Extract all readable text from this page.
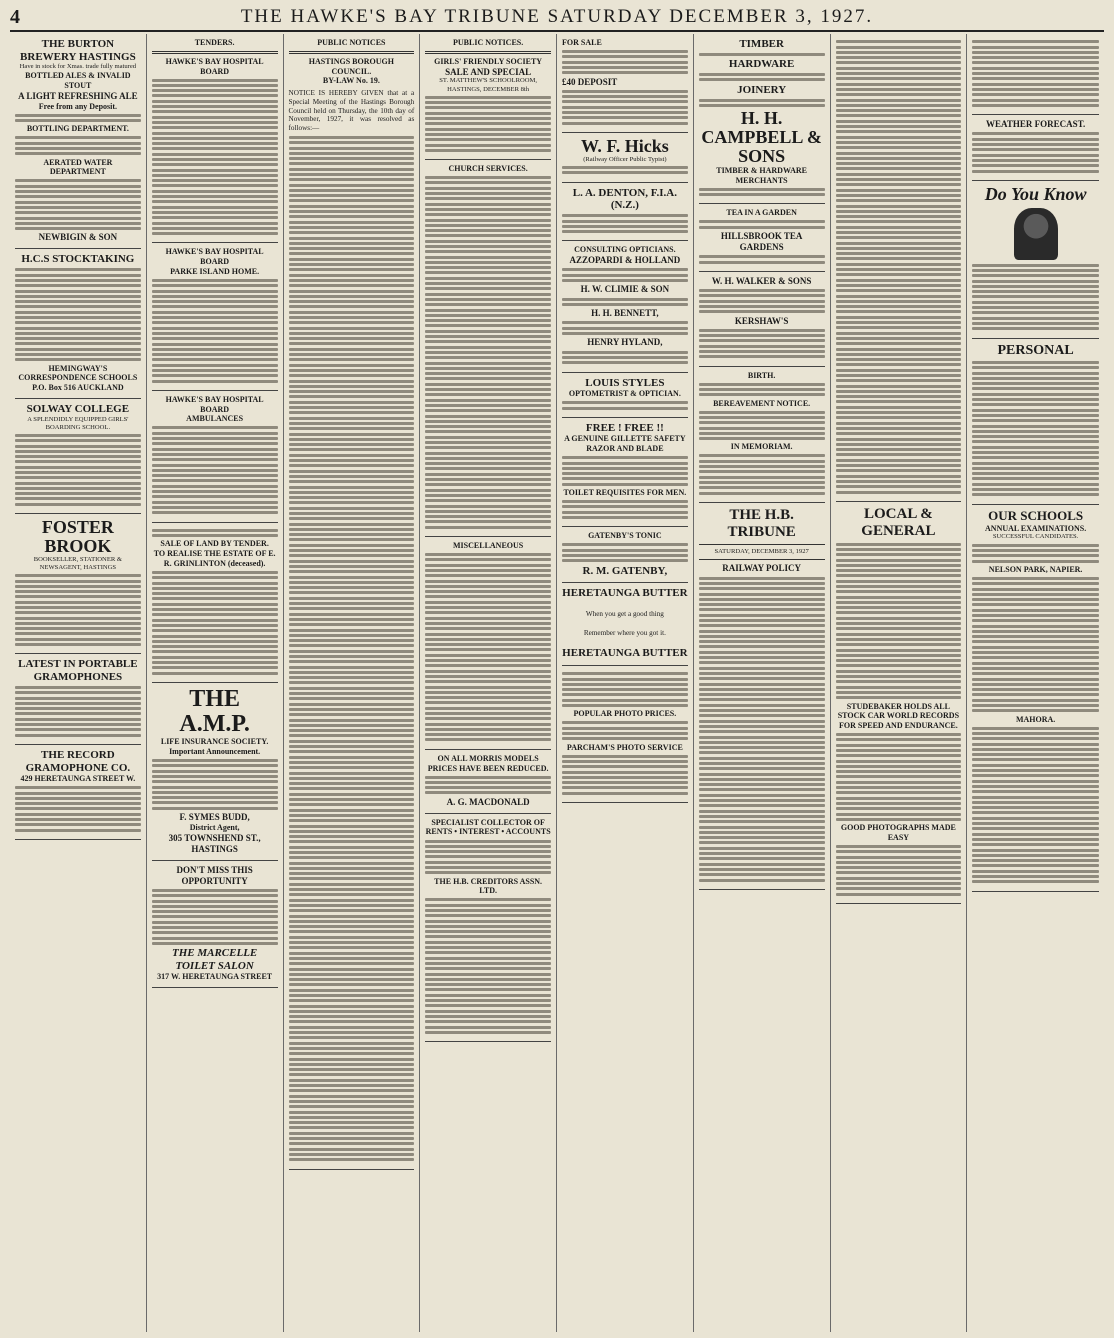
4	THE HAWKE'S BAY TRIBUNE SATURDAY DECEMBER 3, 1927.
THE BURTON BREWERY HASTINGS
Have in stock for Xmas. trade fully matured
BOTTLED ALES & INVALID STOUT
A LIGHT REFRESHING ALE
Free from any Deposit.
BOTTLING DEPARTMENT.
AERATED WATER DEPARTMENT
NEWBIGIN & SON
H.C.S STOCKTAKING
HEMINGWAY'S CORRESPONDENCE SCHOOLS
P.O. Box 516 AUCKLAND
SOLWAY COLLEGE
A SPLENDIDLY EQUIPPED GIRLS' BOARDING SCHOOL.
FOSTER BROOK
BOOKSELLER, STATIONER & NEWSAGENT, HASTINGS
LATEST IN PORTABLE GRAMOPHONES
THE RECORD GRAMOPHONE CO.
429 HERETAUNGA STREET W.
TENDERS.
HAWKE'S BAY HOSPITAL BOARD
HAWKE'S BAY HOSPITAL BOARD
PARKE ISLAND HOME.
HAWKE'S BAY HOSPITAL BOARD
AMBULANCES
SALE OF LAND BY TENDER.
TO REALISE THE ESTATE OF E. R. GRINLINTON (deceased).
THE A.M.P.
LIFE INSURANCE SOCIETY.
Important Announcement.
F. SYMES BUDD,
District Agent,
305 TOWNSHEND ST., HASTINGS
DON'T MISS THIS OPPORTUNITY
THE MARCELLE TOILET SALON
317 W. HERETAUNGA STREET
PUBLIC NOTICES
HASTINGS BOROUGH COUNCIL.
BY-LAW No. 19.
NOTICE IS HEREBY GIVEN that at a Special Meeting of the Hastings Borough Council held on Thursday, the 10th day of November, 1927, it was resolved as follows:—
PUBLIC NOTICES.
GIRLS' FRIENDLY SOCIETY
SALE AND SPECIAL
ST. MATTHEW'S SCHOOLROOM, HASTINGS, DECEMBER 8th
CHURCH SERVICES.
MISCELLANEOUS
ON ALL MORRIS MODELS PRICES HAVE BEEN REDUCED.
A. G. MACDONALD
SPECIALIST COLLECTOR OF RENTS • INTEREST • ACCOUNTS
THE H.B. CREDITORS ASSN. LTD.
FOR SALE
£40 DEPOSIT
W. F. Hicks
(Railway Officer Public Typist)
L. A. DENTON, F.I.A. (N.Z.)
CONSULTING OPTICIANS.
AZZOPARDI & HOLLAND
H. W. CLIMIE & SON
H. H. BENNETT,
HENRY HYLAND,
LOUIS STYLES
OPTOMETRIST & OPTICIAN.
FREE ! FREE !!
A GENUINE GILLETTE SAFETY RAZOR AND BLADE
TOILET REQUISITES FOR MEN.
GATENBY'S TONIC
R. M. GATENBY,
HERETAUNGA BUTTER
When you get a good thing
Remember where you got it.
HERETAUNGA BUTTER
POPULAR PHOTO PRICES.
PARCHAM'S PHOTO SERVICE
TIMBER
HARDWARE
JOINERY
H. H. CAMPBELL & SONS
TIMBER & HARDWARE MERCHANTS
TEA IN A GARDEN
HILLSBROOK TEA GARDENS
W. H. WALKER & SONS
KERSHAW'S
BIRTH.
BEREAVEMENT NOTICE.
IN MEMORIAM.
THE H.B. TRIBUNE
SATURDAY, DECEMBER 3, 1927
RAILWAY POLICY
LOCAL & GENERAL
STUDEBAKER HOLDS ALL STOCK CAR WORLD RECORDS
FOR SPEED AND ENDURANCE.
GOOD PHOTOGRAPHS MADE EASY
WEATHER FORECAST.
Do You Know
PERSONAL
OUR SCHOOLS
ANNUAL EXAMINATIONS.
SUCCESSFUL CANDIDATES.
NELSON PARK, NAPIER.
MAHORA.
